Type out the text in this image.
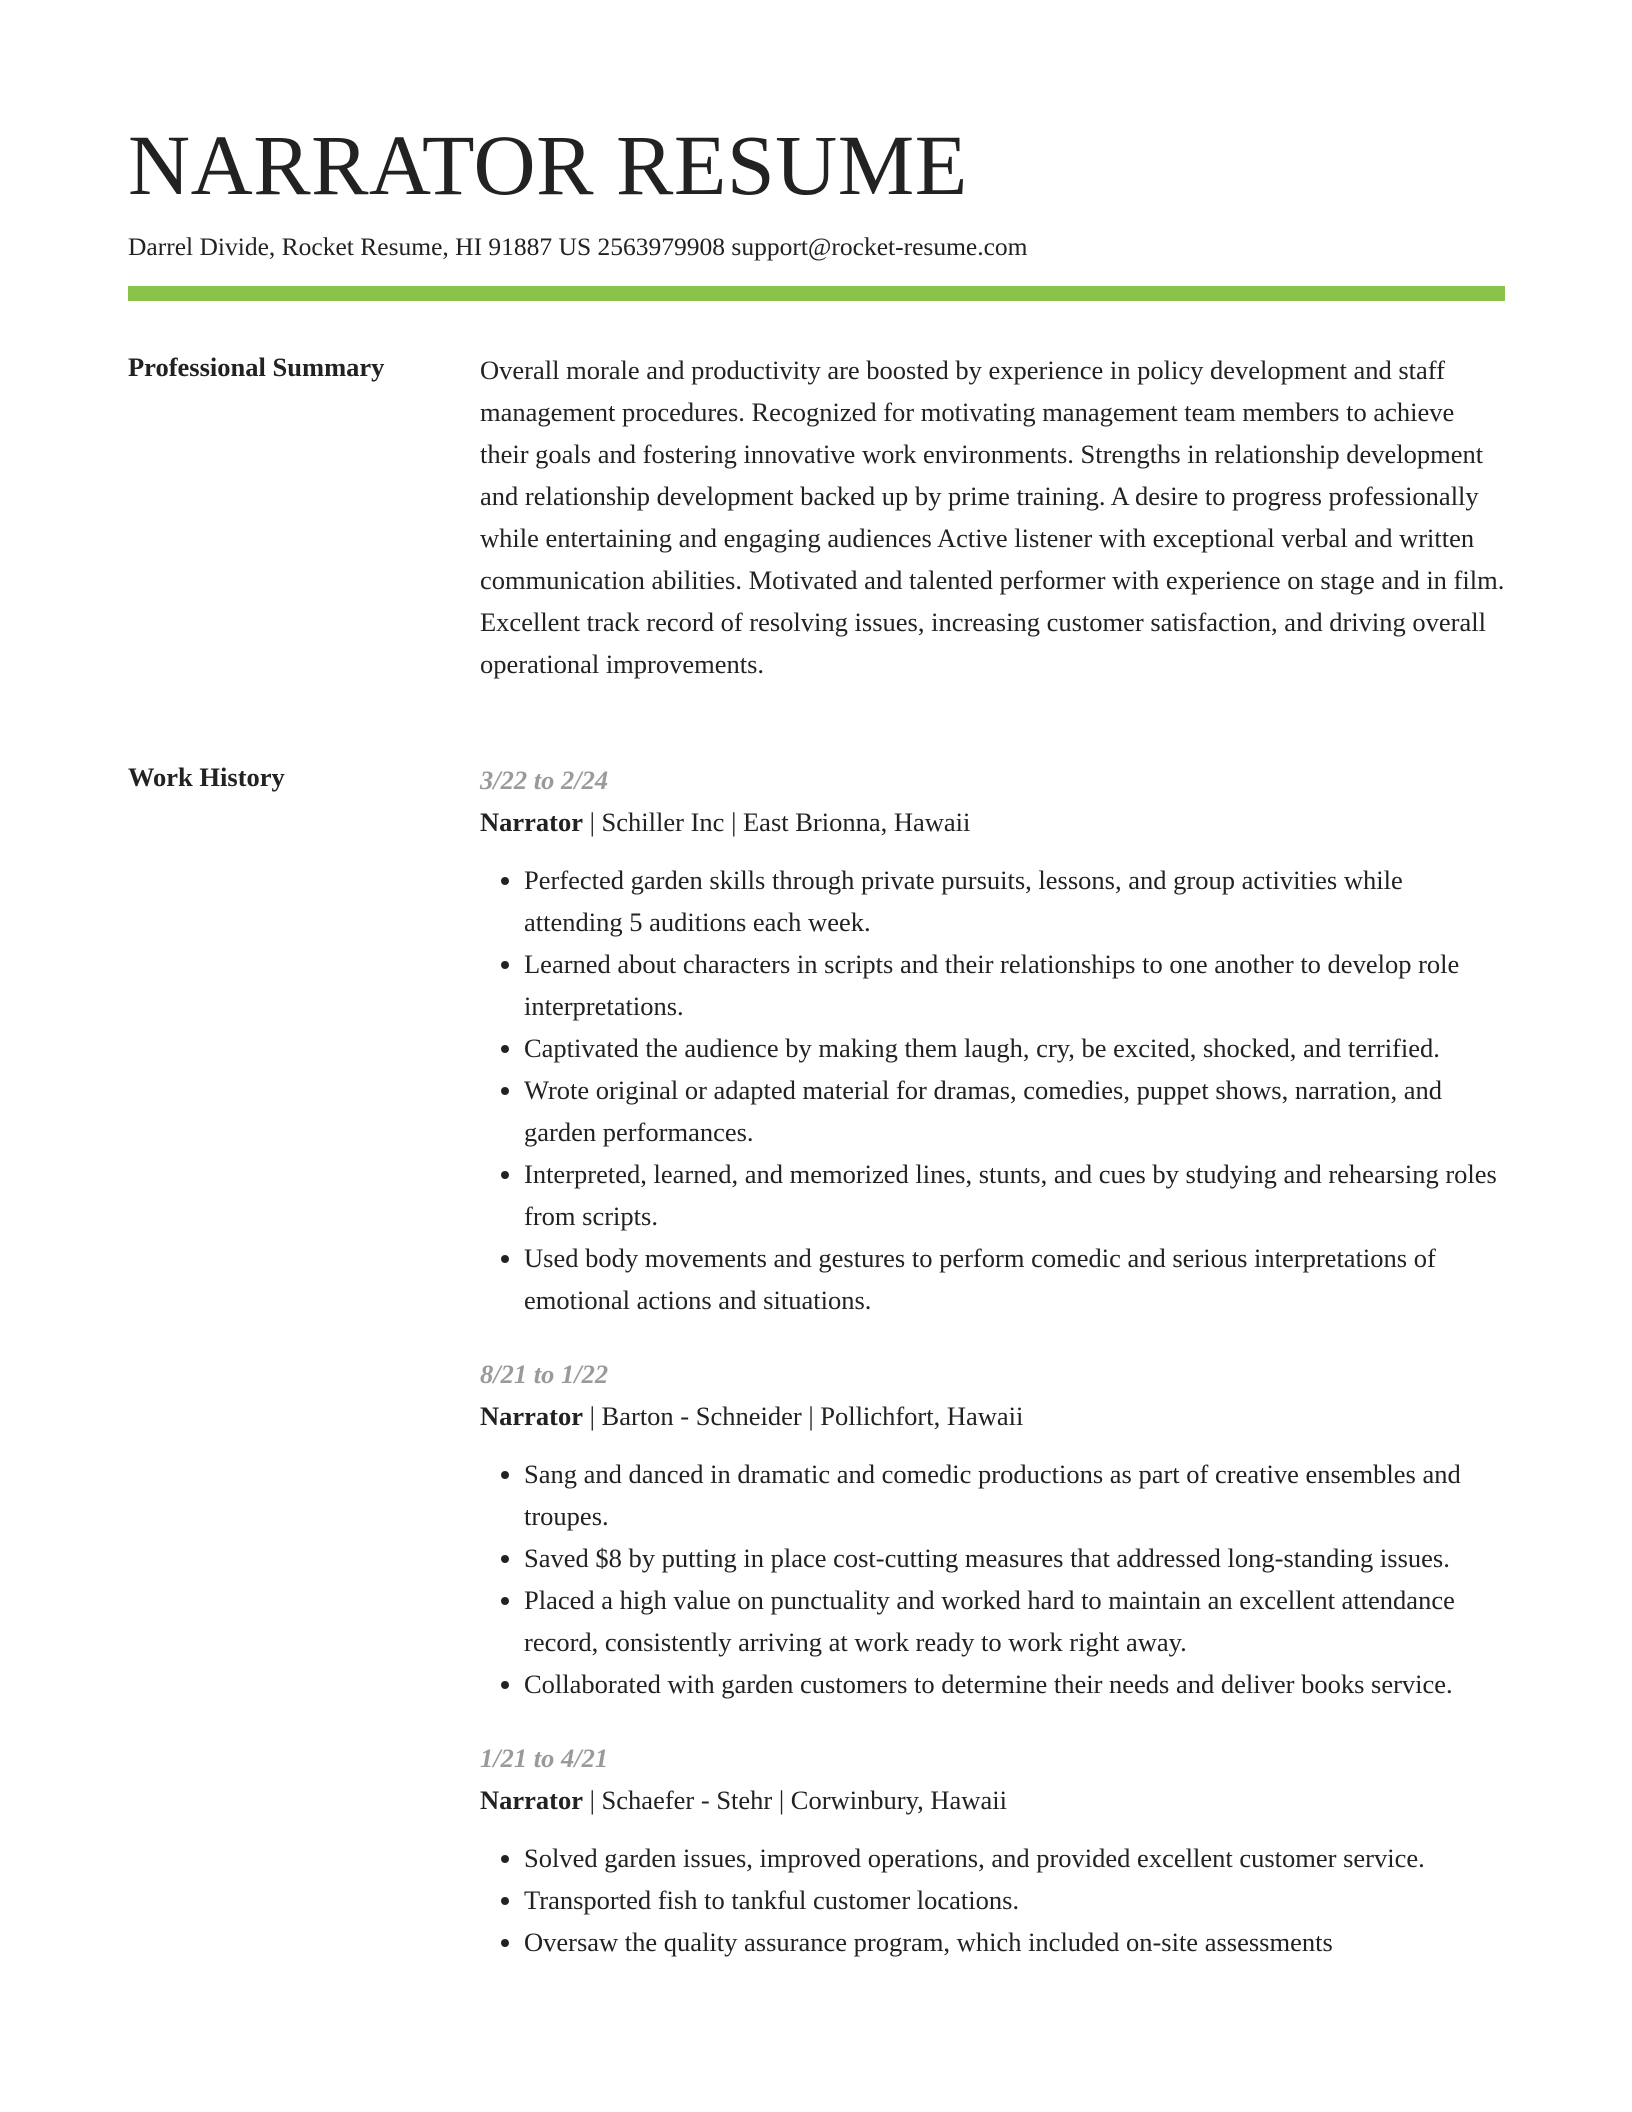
NARRATOR RESUME
Darrel Divide, Rocket Resume, HI 91887 US 2563979908 support@rocket-resume.com
Professional Summary	Overall morale and productivity are boosted by experience in policy development and staff management procedures. Recognized for motivating management team members to achieve their goals and fostering innovative work environments. Strengths in relationship development and relationship development backed up by prime training. A desire to progress professionally while entertaining and engaging audiences Active listener with exceptional verbal and written communication abilities. Motivated and talented performer with experience on stage and in film. Excellent track record of resolving issues, increasing customer satisfaction, and driving overall operational improvements.

Work History	3/22 to 2/24
Narrator | Schiller Inc | East Brionna, Hawaii
• Perfected garden skills through private pursuits, lessons, and group activities while attending 5 auditions each week.
• Learned about characters in scripts and their relationships to one another to develop role interpretations.
• Captivated the audience by making them laugh, cry, be excited, shocked, and terrified.
• Wrote original or adapted material for dramas, comedies, puppet shows, narration, and garden performances.
• Interpreted, learned, and memorized lines, stunts, and cues by studying and rehearsing roles from scripts.
• Used body movements and gestures to perform comedic and serious interpretations of emotional actions and situations.
8/21 to 1/22
Narrator | Barton - Schneider | Pollichfort, Hawaii
• Sang and danced in dramatic and comedic productions as part of creative ensembles and troupes.
• Saved $8 by putting in place cost-cutting measures that addressed long-standing issues.
• Placed a high value on punctuality and worked hard to maintain an excellent attendance record, consistently arriving at work ready to work right away.
• Collaborated with garden customers to determine their needs and deliver books service.
1/21 to 4/21
Narrator | Schaefer - Stehr | Corwinbury, Hawaii
• Solved garden issues, improved operations, and provided excellent customer service.
• Transported fish to tankful customer locations.
• Oversaw the quality assurance program, which included on-site assessments
